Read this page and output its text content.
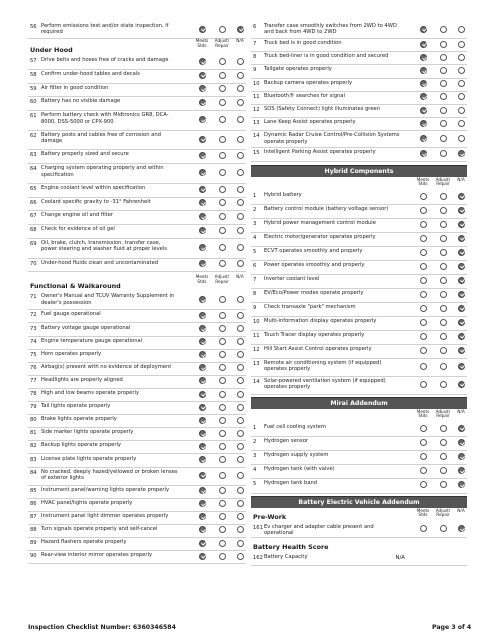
56 Perform emissions test and/or state inspection, if required
Under Hood
Meets Stds
Adjust/ Repair
N/A
57 Drive belts and hoses free of cracks and damage
58 Confirm under-hood tables and decals
59 Air filter in good condition
60 Battery has no visible damage
61 Perform battery check with Midtronics GR8, DCA-8000, DSS-5000 or CPX-900
62 Battery posts and cables free of corrosion and damage
63 Battery properly sized and secure
64 Charging system operating properly and within specification
65 Engine coolant level within specification
66 Coolant specific gravity to -31° Fahrenheit
67 Change engine oil and filter
68 Check for evidence of oil gel
69 Oil, brake, clutch, transmission, transfer case, power steering and washer fluid at proper levels
70 Under-hood fluids clean and uncontaminated
Functional & Walkaround
Meets Stds
Adjust/ Repair
N/A
71 Owner's Manual and TCUV Warranty Supplement in dealer's possession
72 Fuel gauge operational
73 Battery voltage gauge operational
74 Engine temperature gauge operational
75 Horn operates properly
76 Airbag(s) present with no evidence of deployment
77 Headlights are properly aligned
78 High and low beams operate properly
79 Tail lights operate properly
80 Brake lights operate properly
81 Side marker lights operate properly
82 Backup lights operate properly
83 License plate lights operate properly
84 No cracked, deeply hazed/yellowed or broken lenses of exterior lights
85 Instrument panel/warning lights operate properly
86 HVAC panel/lights operate properly
87 Instrument panel light dimmer operates properly
88 Turn signals operate properly and self-cancel
89 Hazard flashers operate properly
90 Rear-view interior mirror operates properly
6 Transfer case smoothly switches from 2WD to 4WD and back from 4WD to 2WD
7 Truck bed is in good condition
8 Truck bed-liner is in good condition and secured
9 Tailgate operates properly
10 Backup camera operates properly
11 Bluetooth® searches for signal
12 SOS (Safety Connect) light illuminates green
13 Lane Keep Assist operates properly
14 Dynamic Radar Cruise Control/Pre-Collision Systems operate properly
15 Intelligent Parking Assist operates properly
Hybrid Components
Meets Stds
Adjust/ Repair
N/A
1 Hybrid battery
2 Battery control module (battery voltage sensor)
3 Hybrid power management control module
4 Electric motor/generator operates properly
5 ECVT operates smoothly and properly
6 Power operates smoothly and properly
7 Inverter coolant level
8 EV/Eco/Power modes operate properly
9 Check transaxle "park" mechanism
10 Multi-information display operates properly
11 Touch Tracer display operates properly
12 Hill Start Assist Control operates properly
13 Remote air conditioning system (if equipped) operates properly
14 Solar-powered ventilation system (if equipped) operates properly
Mirai Addendum
Meets Stds
Adjust/ Repair
N/A
1 Fuel cell cooling system
2 Hydrogen sensor
3 Hydrogen supply system
4 Hydrogen tank (with valve)
5 Hydrogen tank band
Battery Electric Vehicle Addendum
Pre-Work
Meets Stds
Adjust/ Repair
N/A
161 Ev charger and adapter cable present and operational
Battery Health Score
162 Battery Capacity	N/A
Inspection Checklist Number: 6360346584	Page 3 of 4
